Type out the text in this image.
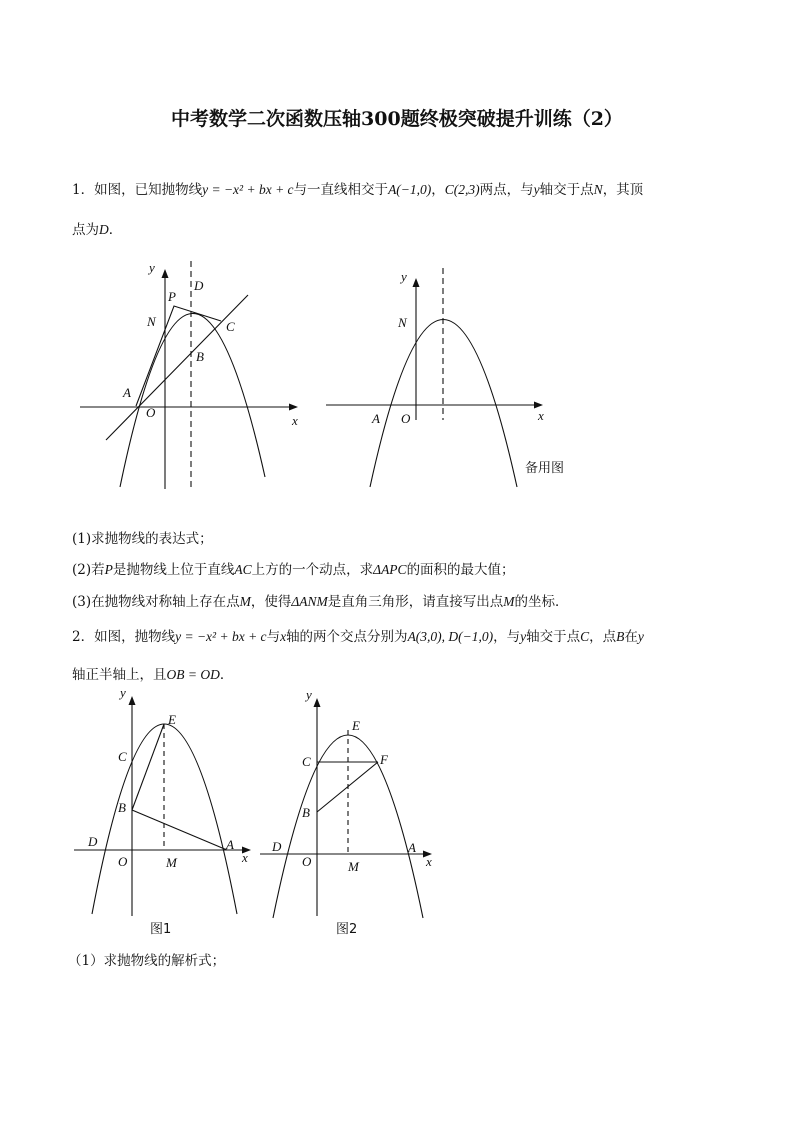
中考数学二次函数压轴300题终极突破提升训练（2）
1．如图，已知抛物线y = −x² + bx + c与一直线相交于A(−1,0)，C(2,3)两点，与y轴交于点N，其顶
点为D．
y
x
O
A
B
C
D
N
P
y
x
O
A
N
备用图
(1)求抛物线的表达式；
(2)若P是抛物线上位于直线AC上方的一个动点，求ΔAPC的面积的最大值；
(3)在抛物线对称轴上存在点M，使得ΔANM是直角三角形，请直接写出点M的坐标．
2．如图，抛物线y = −x² + bx + c与x轴的两个交点分别为A(3,0), D(−1,0)，与y轴交于点C，点B在y
轴正半轴上，且OB = OD．
y
x
O	M
D	A
C
B
E
图1
y
x
O	M
D	A
C
B
E
F
图2
（1）求抛物线的解析式；
